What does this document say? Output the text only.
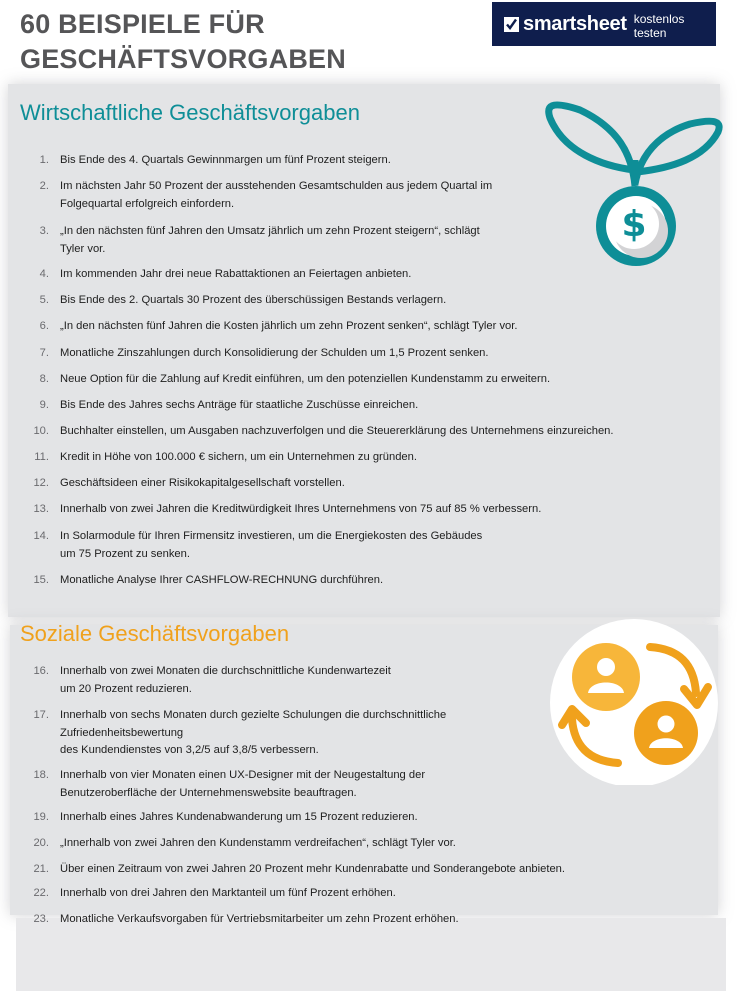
60 BEISPIELE FÜR
GESCHÄFTSVORGABEN
smartsheet kostenlos testen
$
Wirtschaftliche Geschäftsvorgaben
Soziale Geschäftsvorgaben
1. Bis Ende des 4. Quartals Gewinnmargen um fünf Prozent steigern.
2. Im nächsten Jahr 50 Prozent der ausstehenden Gesamtschulden aus jedem Quartal im
Folgequartal erfolgreich einfordern.
3. „In den nächsten fünf Jahren den Umsatz jährlich um zehn Prozent steigern“, schlägt
Tyler vor.
4. Im kommenden Jahr drei neue Rabattaktionen an Feiertagen anbieten.
5. Bis Ende des 2. Quartals 30 Prozent des überschüssigen Bestands verlagern.
6. „In den nächsten fünf Jahren die Kosten jährlich um zehn Prozent senken“, schlägt Tyler vor.
7. Monatliche Zinszahlungen durch Konsolidierung der Schulden um 1,5 Prozent senken.
8. Neue Option für die Zahlung auf Kredit einführen, um den potenziellen Kundenstamm zu erweitern.
9. Bis Ende des Jahres sechs Anträge für staatliche Zuschüsse einreichen.
10. Buchhalter einstellen, um Ausgaben nachzuverfolgen und die Steuererklärung des Unternehmens einzureichen.
11. Kredit in Höhe von 100.000 € sichern, um ein Unternehmen zu gründen.
12. Geschäftsideen einer Risikokapitalgesellschaft vorstellen.
13. Innerhalb von zwei Jahren die Kreditwürdigkeit Ihres Unternehmens von 75 auf 85 % verbessern.
14. In Solarmodule für Ihren Firmensitz investieren, um die Energiekosten des Gebäudes
um 75 Prozent zu senken.
15. Monatliche Analyse Ihrer CASHFLOW-RECHNUNG durchführen.
16. Innerhalb von zwei Monaten die durchschnittliche Kundenwartezeit
um 20 Prozent reduzieren.
17. Innerhalb von sechs Monaten durch gezielte Schulungen die durchschnittliche
Zufriedenheitsbewertung
des Kundendienstes von 3,2/5 auf 3,8/5 verbessern.
18. Innerhalb von vier Monaten einen UX-Designer mit der Neugestaltung der
Benutzeroberfläche der Unternehmenswebsite beauftragen.
19. Innerhalb eines Jahres Kundenabwanderung um 15 Prozent reduzieren.
20. „Innerhalb von zwei Jahren den Kundenstamm verdreifachen“, schlägt Tyler vor.
21. Über einen Zeitraum von zwei Jahren 20 Prozent mehr Kundenrabatte und Sonderangebote anbieten.
22. Innerhalb von drei Jahren den Marktanteil um fünf Prozent erhöhen.
23. Monatliche Verkaufsvorgaben für Vertriebsmitarbeiter um zehn Prozent erhöhen.
